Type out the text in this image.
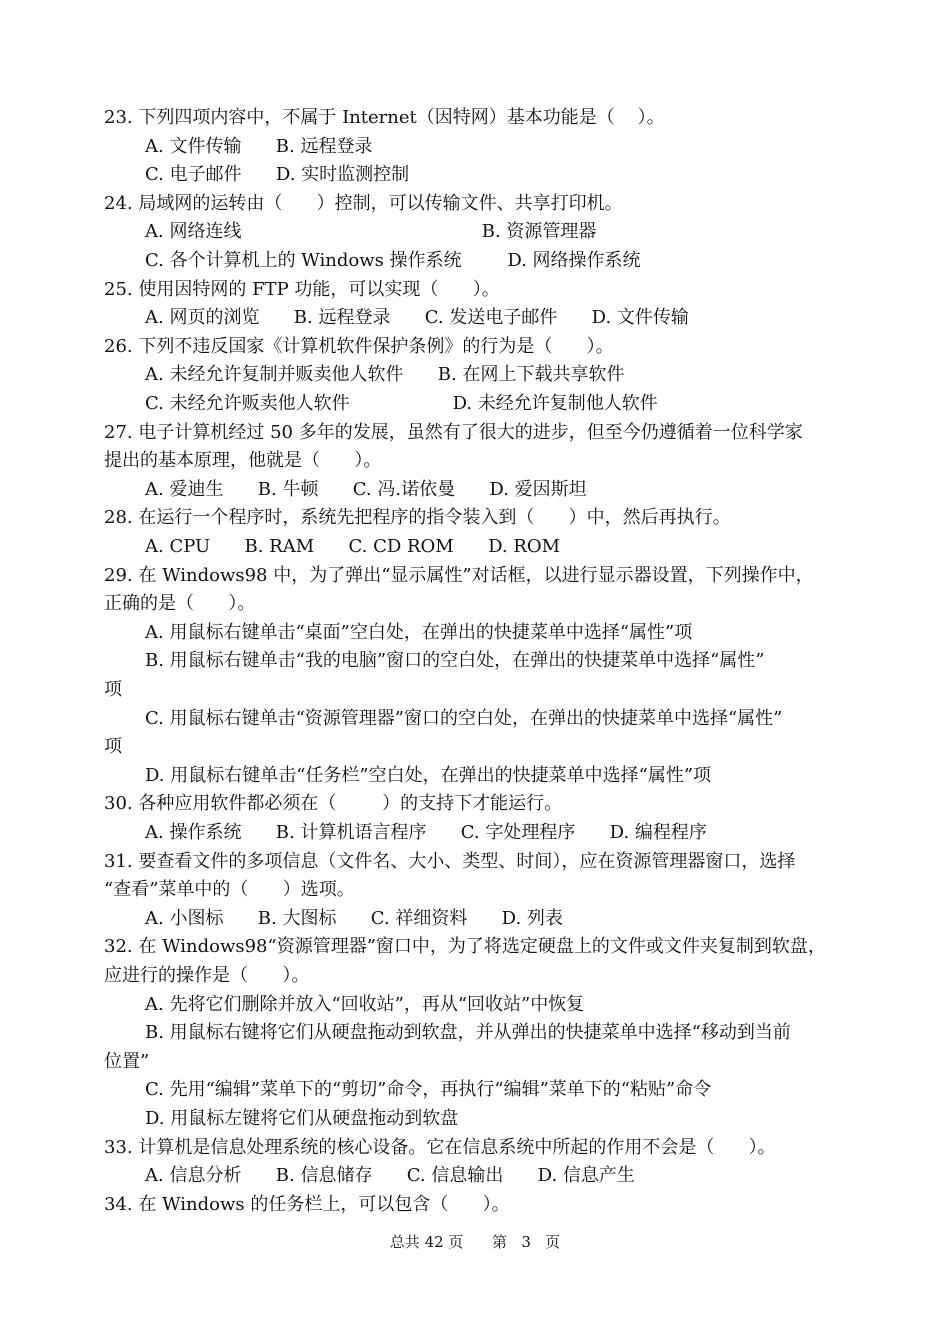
23. 下列四项内容中，不属于 Internet（因特网）基本功能是（    ）。
A. 文件传输      B. 远程登录
C. 电子邮件      D. 实时监测控制
24. 局域网的运转由（      ）控制，可以传输文件、共享打印机。
A. 网络连线                                          B. 资源管理器
C. 各个计算机上的 Windows 操作系统        D. 网络操作系统
25. 使用因特网的 FTP 功能，可以实现（      ）。
A. 网页的浏览      B. 远程登录      C. 发送电子邮件      D. 文件传输
26. 下列不违反国家《计算机软件保护条例》的行为是（      ）。
A. 未经允许复制并贩卖他人软件      B. 在网上下载共享软件
C. 未经允许贩卖他人软件                  D. 未经允许复制他人软件
27. 电子计算机经过 50 多年的发展，虽然有了很大的进步，但至今仍遵循着一位科学家
提出的基本原理，他就是（      ）。
A. 爱迪生      B. 牛顿      C. 冯.诺依曼      D. 爱因斯坦
28. 在运行一个程序时，系统先把程序的指令装入到（      ）中，然后再执行。
A. CPU      B. RAM      C. CD ROM      D. ROM
29. 在 Windows98 中，为了弹出“显示属性”对话框，以进行显示器设置，下列操作中，
正确的是（      ）。
A. 用鼠标右键单击“桌面”空白处，在弹出的快捷菜单中选择“属性”项
B. 用鼠标右键单击“我的电脑”窗口的空白处，在弹出的快捷菜单中选择“属性”
项
C. 用鼠标右键单击“资源管理器”窗口的空白处，在弹出的快捷菜单中选择“属性”
项
D. 用鼠标右键单击“任务栏”空白处，在弹出的快捷菜单中选择“属性”项
30. 各种应用软件都必须在（        ）的支持下才能运行。
A. 操作系统      B. 计算机语言程序      C. 字处理程序      D. 编程程序
31. 要查看文件的多项信息（文件名、大小、类型、时间），应在资源管理器窗口，选择
“查看”菜单中的（      ）选项。
A. 小图标      B. 大图标      C. 祥细资料      D. 列表
32. 在 Windows98“资源管理器”窗口中，为了将选定硬盘上的文件或文件夹复制到软盘，
应进行的操作是（      ）。
A. 先将它们删除并放入“回收站”，再从“回收站”中恢复
B. 用鼠标右键将它们从硬盘拖动到软盘，并从弹出的快捷菜单中选择“移动到当前
位置”
C. 先用“编辑”菜单下的“剪切”命令，再执行“编辑”菜单下的“粘贴”命令
D. 用鼠标左键将它们从硬盘拖动到软盘
33. 计算机是信息处理系统的核心设备。它在信息系统中所起的作用不会是（      ）。
A. 信息分析      B. 信息储存      C. 信息输出      D. 信息产生
34. 在 Windows 的任务栏上，可以包含（      ）。
总共 42 页      第   3   页
